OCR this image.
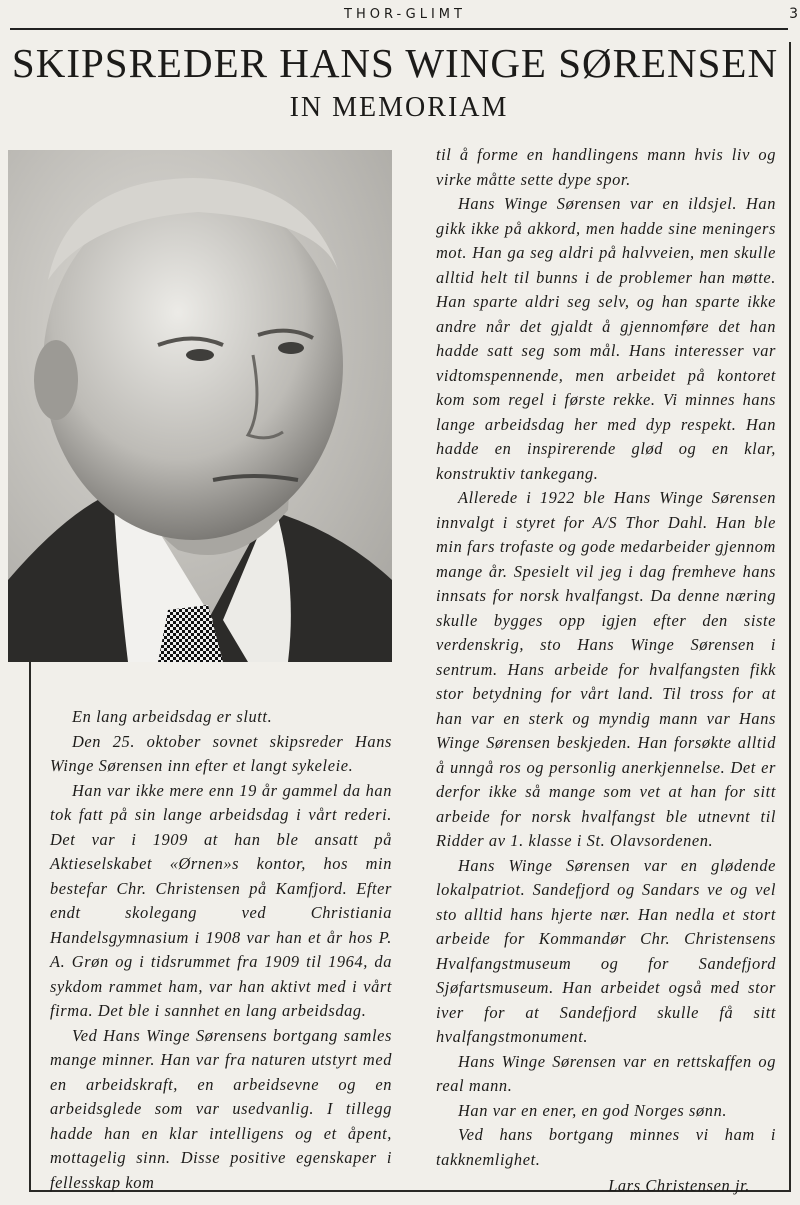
THOR-GLIMT	3
SKIPSREDER HANS WINGE SØRENSEN
IN MEMORIAM

En lang arbeidsdag er slutt.

Den 25. oktober sovnet skipsreder Hans Winge Sørensen inn efter et langt sykeleie.

Han var ikke mere enn 19 år gammel da han tok fatt på sin lange arbeidsdag i vårt rederi. Det var i 1909 at han ble ansatt på Aktieselskabet «Ørnen»s kontor, hos min bestefar Chr. Christensen på Kamfjord. Efter endt skolegang ved Christiania Handelsgymnasium i 1908 var han et år hos P. A. Grøn og i tidsrummet fra 1909 til 1964, da sykdom rammet ham, var han aktivt med i vårt firma. Det ble i sannhet en lang arbeidsdag.

Ved Hans Winge Sørensens bortgang samles mange minner. Han var fra naturen utstyrt med en arbeidskraft, en arbeidsevne og en arbeidsglede som var usedvanlig. I tillegg hadde han en klar intelligens og et åpent, mottagelig sinn. Disse positive egenskaper i fellesskap kom

til å forme en handlingens mann hvis liv og virke måtte sette dype spor.

Hans Winge Sørensen var en ildsjel. Han gikk ikke på akkord, men hadde sine meningers mot. Han ga seg aldri på halvveien, men skulle alltid helt til bunns i de problemer han møtte. Han sparte aldri seg selv, og han sparte ikke andre når det gjaldt å gjennomføre det han hadde satt seg som mål. Hans interesser var vidtomspennende, men arbeidet på kontoret kom som regel i første rekke. Vi minnes hans lange arbeidsdag her med dyp respekt. Han hadde en inspirerende glød og en klar, konstruktiv tankegang.

Allerede i 1922 ble Hans Winge Sørensen innvalgt i styret for A/S Thor Dahl. Han ble min fars trofaste og gode medarbeider gjennom mange år. Spesielt vil jeg i dag fremheve hans innsats for norsk hvalfangst. Da denne næring skulle bygges opp igjen efter den siste verdenskrig, sto Hans Winge Sørensen i sentrum. Hans arbeide for hvalfangsten fikk stor betydning for vårt land. Til tross for at han var en sterk og myndig mann var Hans Winge Sørensen beskjeden. Han forsøkte alltid å unngå ros og personlig anerkjennelse. Det er derfor ikke så mange som vet at han for sitt arbeide for norsk hvalfangst ble utnevnt til Ridder av 1. klasse i St. Olavsordenen.

Hans Winge Sørensen var en glødende lokalpatriot. Sandefjord og Sandars ve og vel sto alltid hans hjerte nær. Han nedla et stort arbeide for Kommandør Chr. Christensens Hvalfangstmuseum og for Sandefjord Sjøfartsmuseum. Han arbeidet også med stor iver for at Sandefjord skulle få sitt hvalfangstmonument.

Hans Winge Sørensen var en rettskaffen og real mann.

Han var en ener, en god Norges sønn.

Ved hans bortgang minnes vi ham i takknemlighet.

Lars Christensen jr.
